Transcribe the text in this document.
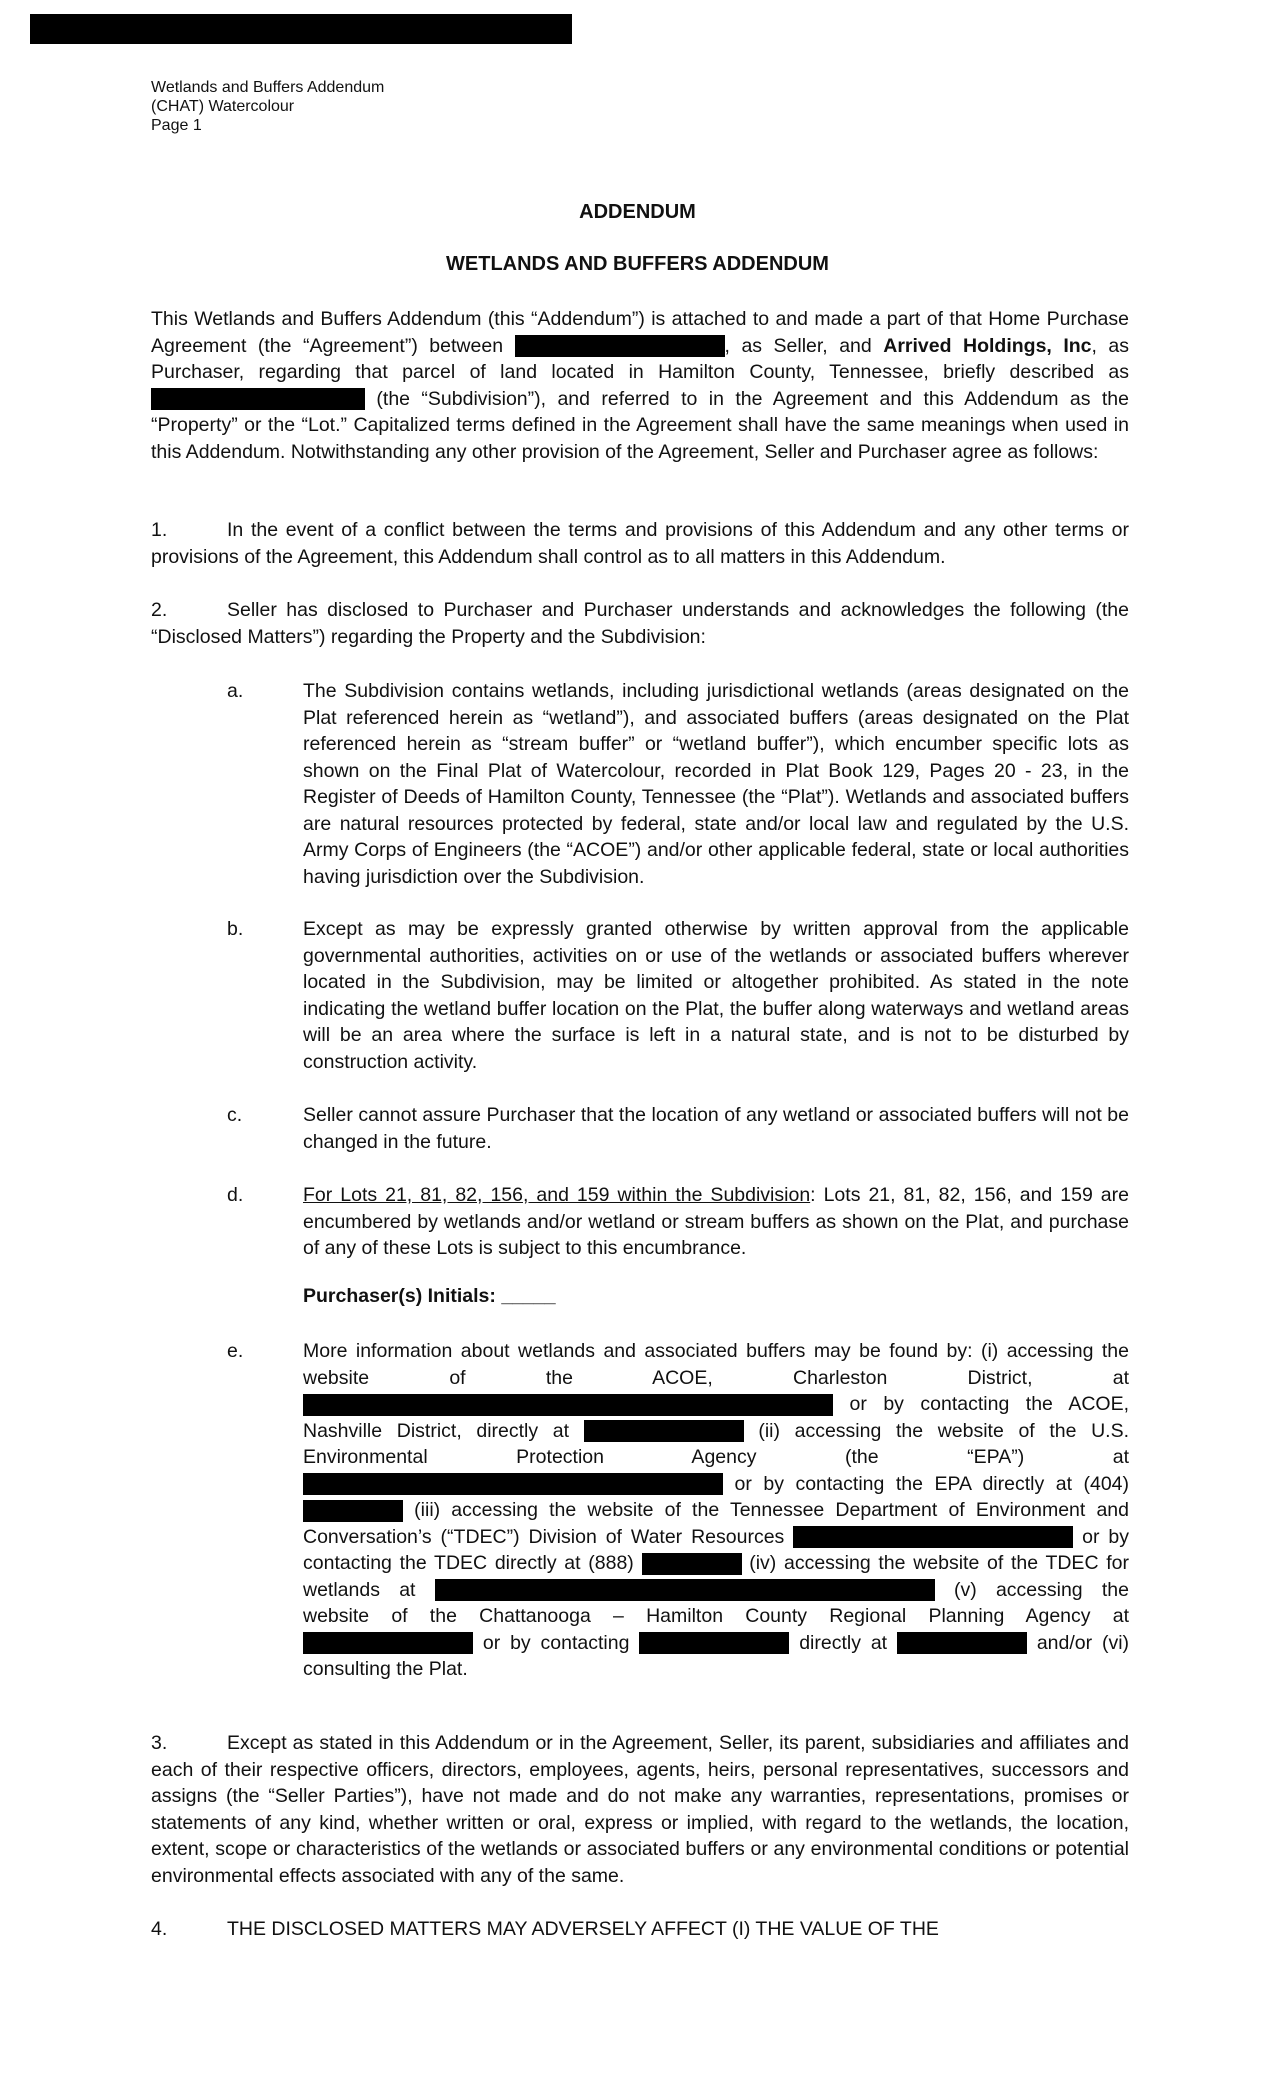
Wetlands and Buffers Addendum
(CHAT) Watercolour
Page 1
ADDENDUM
WETLANDS AND BUFFERS ADDENDUM

This Wetlands and Buffers Addendum (this “Addendum”) is attached to and made a part of that Home Purchase Agreement (the “Agreement”) between	, as Seller, and Arrived Holdings, Inc, as Purchaser, regarding that parcel of land located in Hamilton County, Tennessee, briefly described as  (the “Subdivision”), and referred to in the Agreement and this Addendum as the “Property” or the “Lot.” Capitalized terms defined in the Agreement shall have the same meanings when used in this Addendum. Notwithstanding any other provision of the Agreement, Seller and Purchaser agree as follows:

1.	In the event of a conflict between the terms and provisions of this Addendum and any other terms or provisions of the Agreement, this Addendum shall control as to all matters in this Addendum.

2.	Seller has disclosed to Purchaser and Purchaser understands and acknowledges the following (the “Disclosed Matters”) regarding the Property and the Subdivision:

a.	The Subdivision contains wetlands, including jurisdictional wetlands (areas designated on the Plat referenced herein as “wetland”), and associated buffers (areas designated on the Plat referenced herein as “stream buffer” or “wetland buffer”), which encumber specific lots as shown on the Final Plat of Watercolour, recorded in Plat Book 129, Pages 20 - 23, in the Register of Deeds of Hamilton County, Tennessee (the “Plat”). Wetlands and associated buffers are natural resources protected by federal, state and/or local law and regulated by the U.S. Army Corps of Engineers (the “ACOE”) and/or other applicable federal, state or local authorities having jurisdiction over the Subdivision.
b.	Except as may be expressly granted otherwise by written approval from the applicable governmental authorities, activities on or use of the wetlands or associated buffers wherever located in the Subdivision, may be limited or altogether prohibited. As stated in the note indicating the wetland buffer location on the Plat, the buffer along waterways and wetland areas will be an area where the surface is left in a natural state, and is not to be disturbed by construction activity.
c.	Seller cannot assure Purchaser that the location of any wetland or associated buffers will not be changed in the future.
d.	For Lots 21, 81, 82, 156, and 159 within the Subdivision: Lots 21, 81, 82, 156, and 159 are encumbered by wetlands and/or wetland or stream buffers as shown on the Plat, and purchase of any of these Lots is subject to this encumbrance.
Purchaser(s) Initials: _____
e.	More information about wetlands and associated buffers may be found by: (i) accessing the website of the ACOE, Charleston District, at  or by contacting the ACOE, Nashville District, directly at	(ii) accessing the website of the U.S. Environmental Protection Agency (the “EPA”) at  or by contacting the EPA directly at (404)  (iii) accessing the website of the Tennessee Department of Environment and Conversation’s (“TDEC”) Division of Water Resources	or by contacting the TDEC directly at (888)	(iv) accessing the website of the TDEC for wetlands at	(v) accessing the website of the Chattanooga – Hamilton County Regional Planning Agency at  or by contacting	directly at	and/or (vi) consulting the Plat.

3.	Except as stated in this Addendum or in the Agreement, Seller, its parent, subsidiaries and affiliates and each of their respective officers, directors, employees, agents, heirs, personal representatives, successors and assigns (the “Seller Parties”), have not made and do not make any warranties, representations, promises or statements of any kind, whether written or oral, express or implied, with regard to the wetlands, the location, extent, scope or characteristics of the wetlands or associated buffers or any environmental conditions or potential environmental effects associated with any of the same.

4.	THE DISCLOSED MATTERS MAY ADVERSELY AFFECT (I) THE VALUE OF THE
